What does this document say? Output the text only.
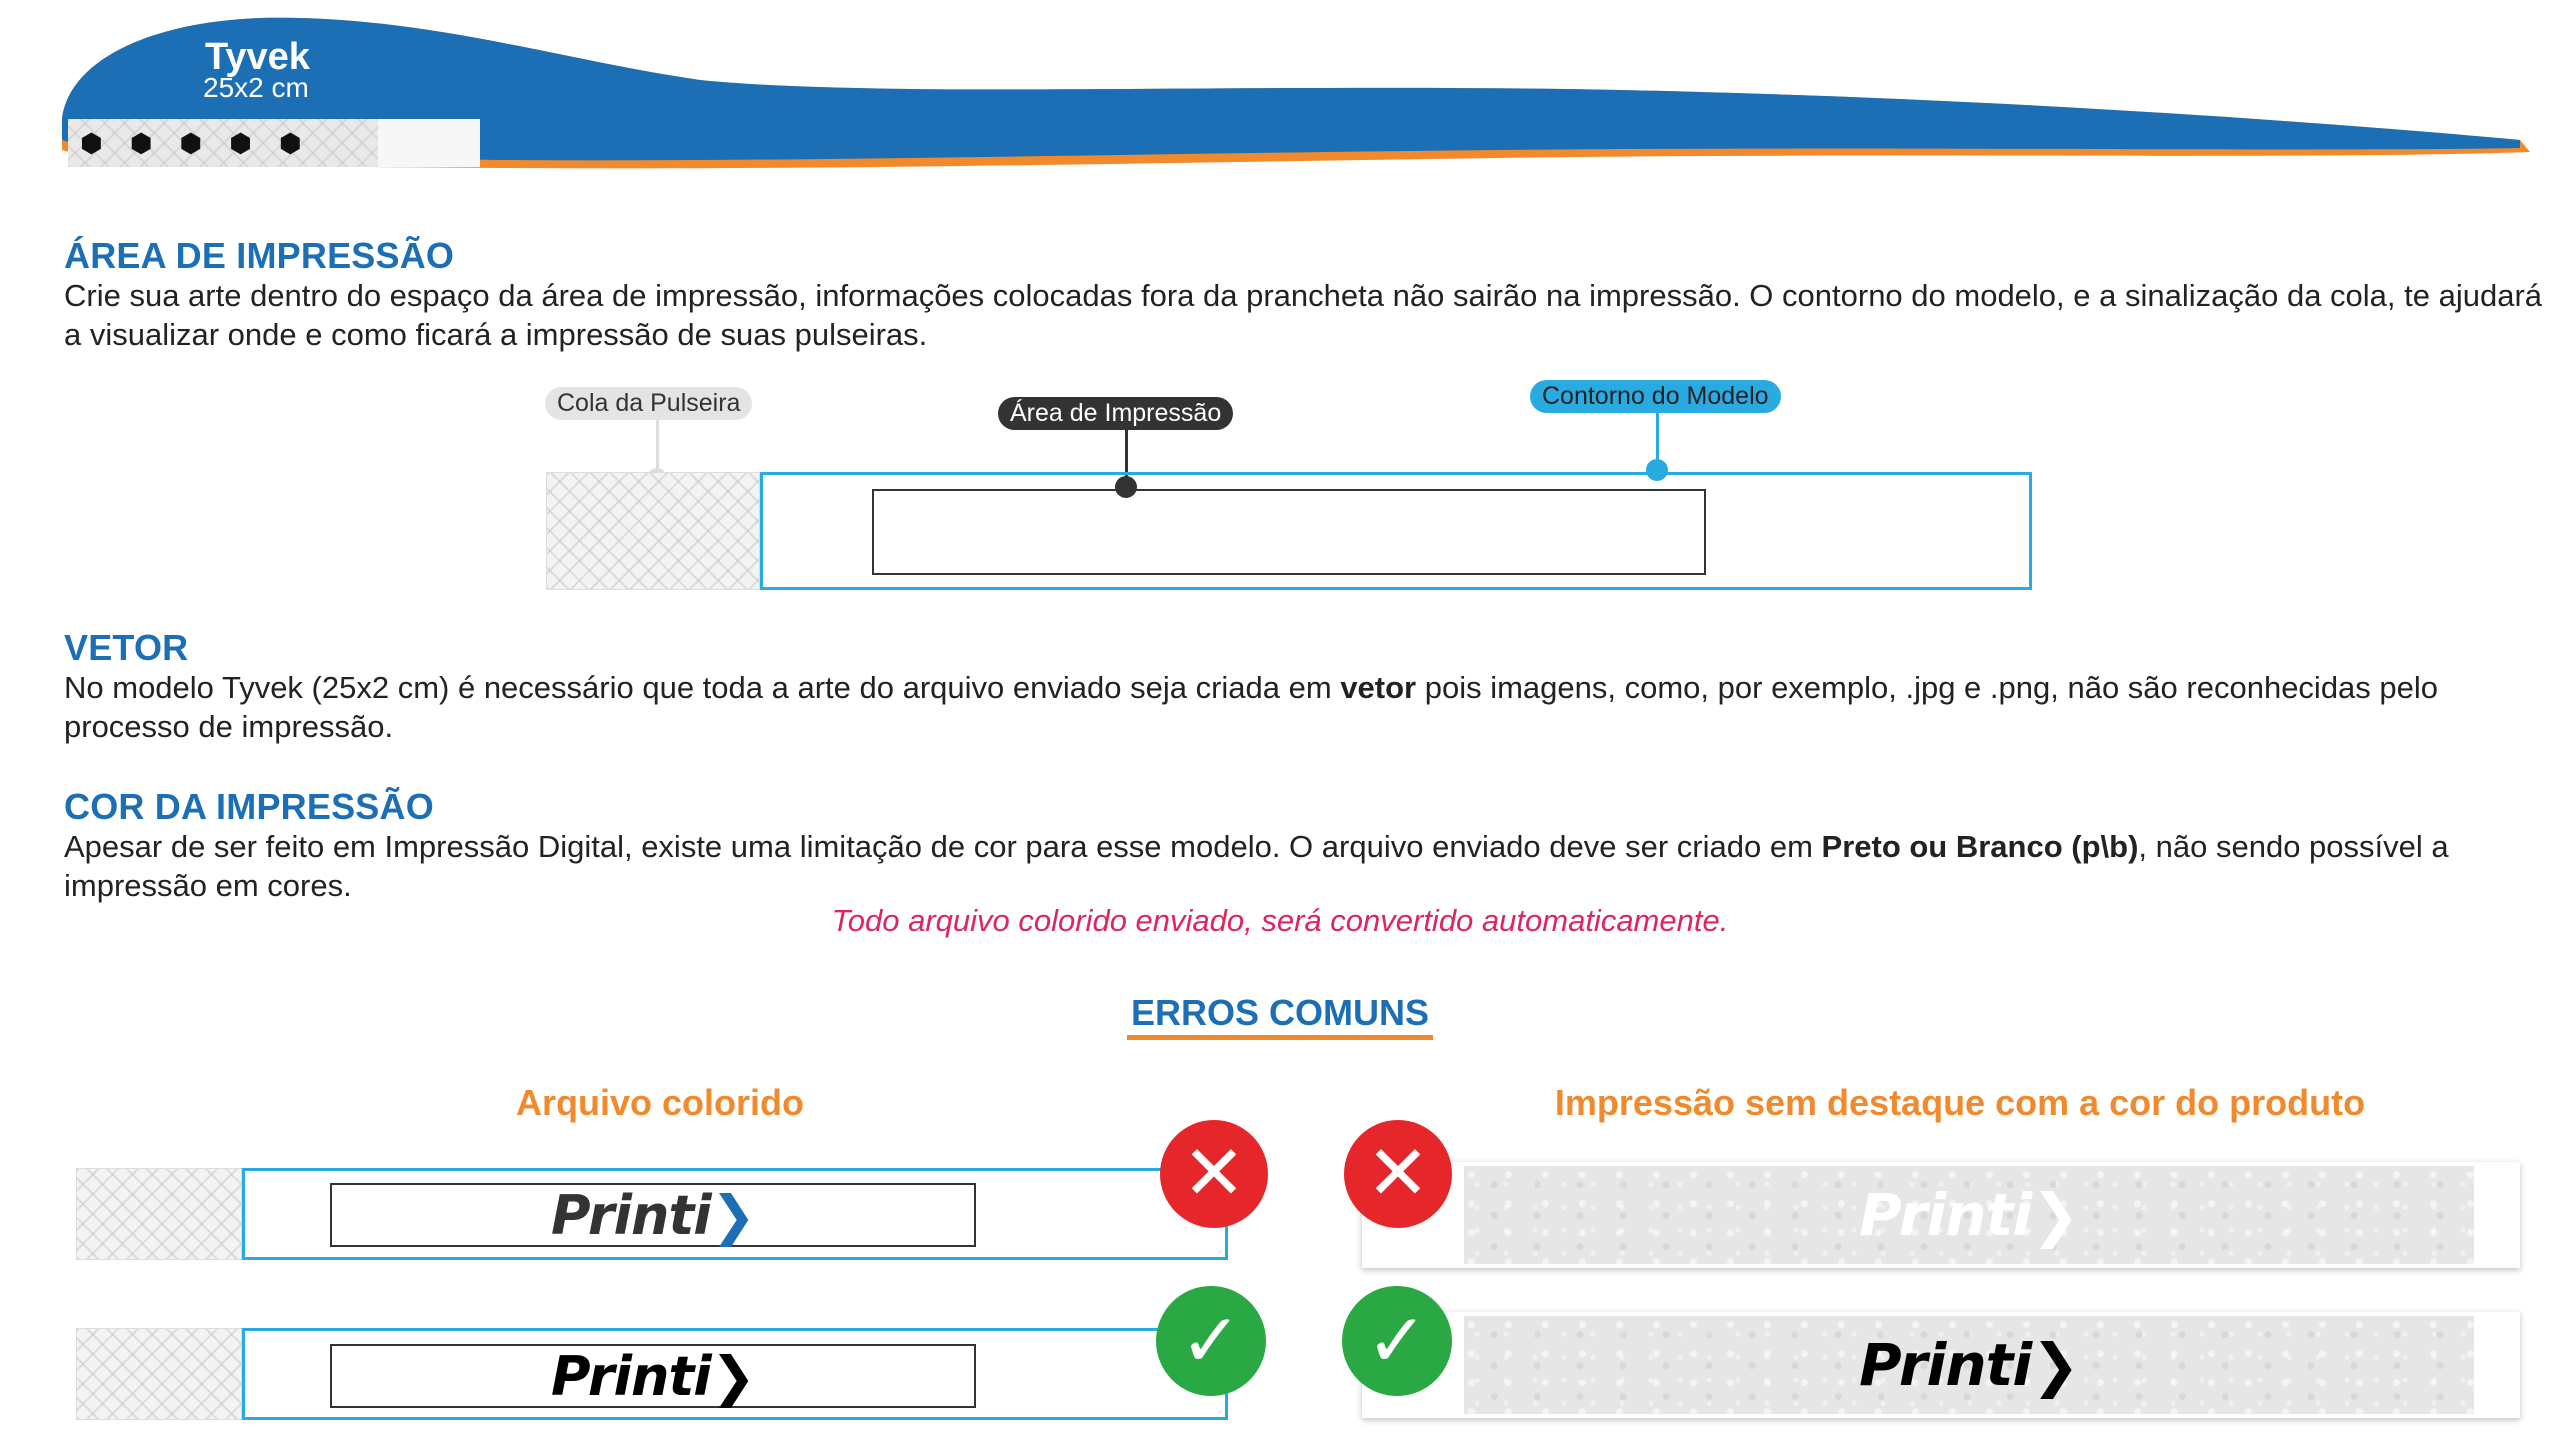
Tyvek
25x2 cm
⬢ ⬢ ⬢ ⬢ ⬢
ÁREA DE IMPRESSÃO
Crie sua arte dentro do espaço da área de impressão, informações colocadas fora da prancheta não sairão na impressão. O contorno do modelo, e a sinalização da cola, te ajudará a visualizar onde e como ficará a impressão de suas pulseiras.
Cola da Pulseira	Área de Impressão
Contorno do Modelo
VETOR
No modelo Tyvek (25x2 cm) é necessário que toda a arte do arquivo enviado seja criada em vetor pois imagens, como, por exemplo, .jpg e .png, não são reconhecidas pelo processo de impressão.
COR DA IMPRESSÃO
Apesar de ser feito em Impressão Digital, existe uma limitação de cor para esse modelo. O arquivo enviado deve ser criado em Preto ou Branco (p\b), não sendo possível a impressão em cores.
Todo arquivo colorido enviado, será convertido automaticamente.
ERROS COMUNS
Arquivo colorido	Impressão sem destaque com a cor do produto
Printi❯	✕
Printi❯	✓
Printi❯
✕
Printi❯
✓
